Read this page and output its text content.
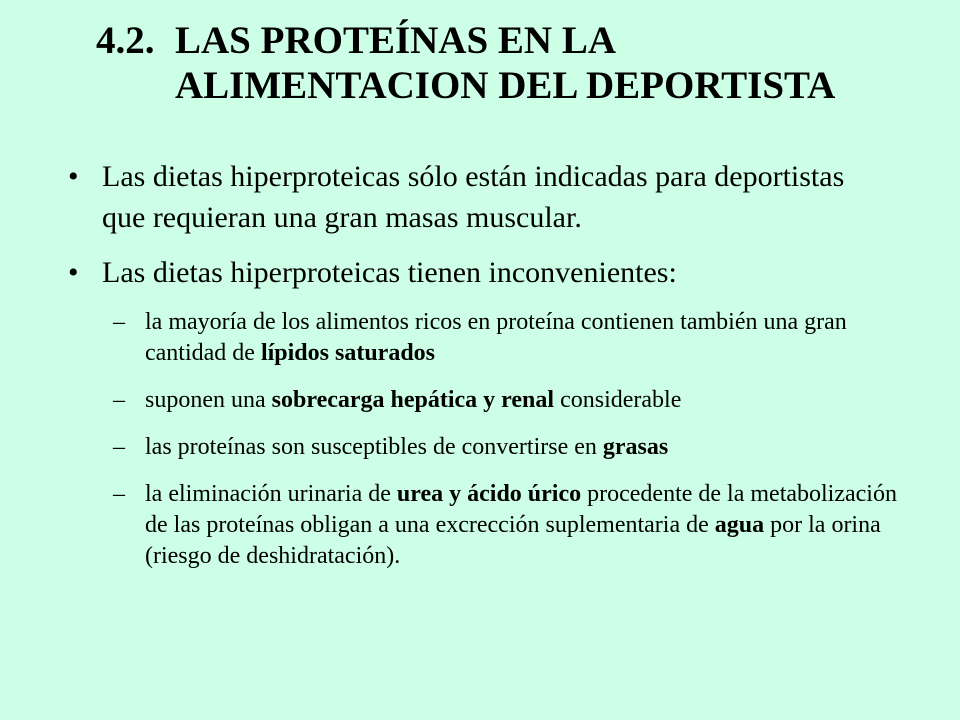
4.2. LAS PROTEÍNAS EN LA
ALIMENTACION DEL DEPORTISTA
• Las dietas hiperproteicas sólo están indicadas para deportistas que requieran una gran masas muscular.
• Las dietas hiperproteicas tienen inconvenientes:
– la mayoría de los alimentos ricos en proteína contienen también una gran cantidad de lípidos saturados
– suponen una sobrecarga hepática y renal considerable
– las proteínas son susceptibles de convertirse en grasas
– la eliminación urinaria de urea y ácido úrico procedente de la metabolización de las proteínas obligan a una excrección suplementaria de agua por la orina (riesgo de deshidratación).
